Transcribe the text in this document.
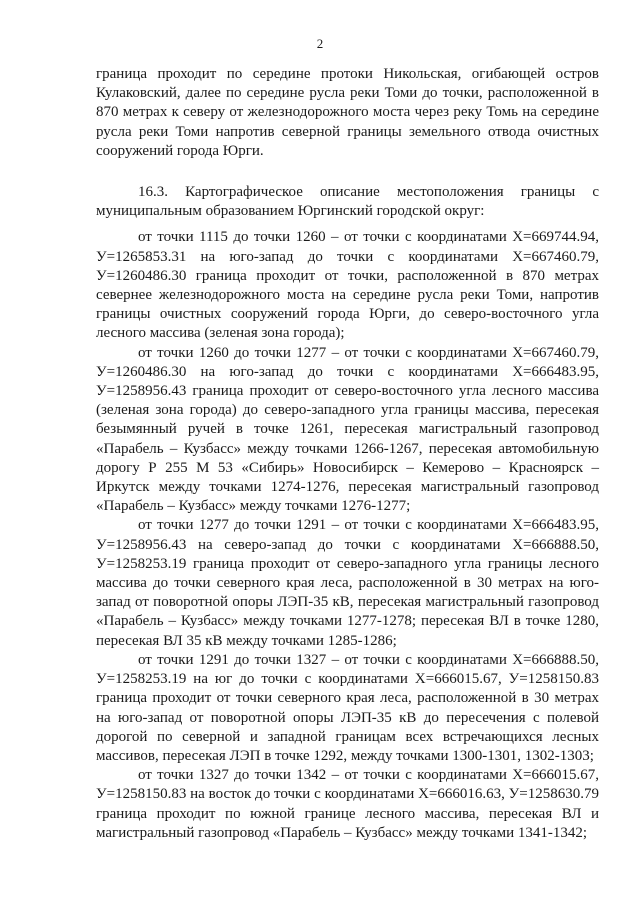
2

граница проходит по середине протоки Никольская, огибающей остров Кулаковский, далее по середине русла реки Томи до точки, расположенной в 870 метрах к северу от железнодорожного моста через реку Томь на середине русла реки Томи напротив северной границы земельного отвода очистных сооружений города Юрги.

16.3. Картографическое описание местоположения границы с муниципальным образованием Юргинский городской округ:

от точки 1115 до точки 1260 – от точки с координатами X=669744.94, У=1265853.31 на юго-запад до точки с координатами X=667460.79, У=1260486.30 граница проходит от точки, расположенной в 870 метрах севернее железнодорожного моста на середине русла реки Томи, напротив границы очистных сооружений города Юрги, до северо-восточного угла лесного массива (зеленая зона города);

от точки 1260 до точки 1277 – от точки с координатами X=667460.79, У=1260486.30 на юго-запад до точки с координатами X=666483.95, У=1258956.43 граница проходит от северо-восточного угла лесного массива (зеленая зона города) до северо-западного угла границы массива, пересекая безымянный ручей в точке 1261, пересекая магистральный газопровод «Парабель – Кузбасс» между точками 1266-1267, пересекая автомобильную дорогу Р 255 М 53 «Сибирь» Новосибирск – Кемерово – Красноярск – Иркутск между точками 1274-1276, пересекая магистральный газопровод «Парабель – Кузбасс» между точками 1276-1277;

от точки 1277 до точки 1291 – от точки с координатами X=666483.95, У=1258956.43 на северо-запад до точки с координатами X=666888.50, У=1258253.19 граница проходит от северо-западного угла границы лесного массива до точки северного края леса, расположенной в 30 метрах на юго-запад от поворотной опоры ЛЭП-35 кВ, пересекая магистральный газопровод «Парабель – Кузбасс» между точками 1277-1278; пересекая ВЛ в точке 1280, пересекая ВЛ 35 кВ между точками 1285-1286;

от точки 1291 до точки 1327 – от точки с координатами X=666888.50, У=1258253.19 на юг до точки с координатами X=666015.67, У=1258150.83 граница проходит от точки северного края леса, расположенной в 30 метрах на юго-запад от поворотной опоры ЛЭП-35 кВ до пересечения с полевой дорогой по северной и западной границам всех встречающихся лесных массивов, пересекая ЛЭП в точке 1292, между точками 1300-1301, 1302-1303;

от точки 1327 до точки 1342 – от точки с координатами X=666015.67, У=1258150.83 на восток до точки с координатами X=666016.63, У=1258630.79 граница проходит по южной границе лесного массива, пересекая ВЛ и магистральный газопровод «Парабель – Кузбасс» между точками 1341-1342;
